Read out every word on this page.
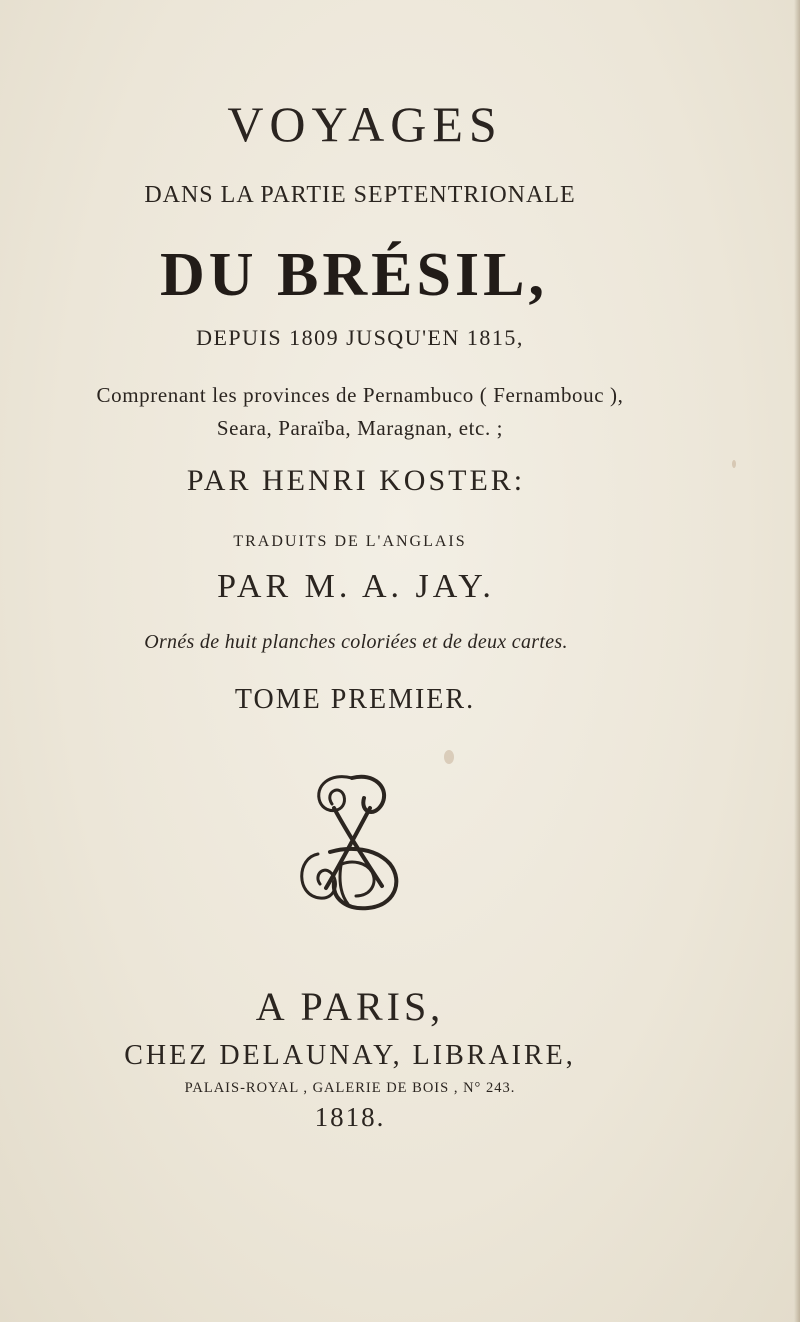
VOYAGES
DANS LA PARTIE SEPTENTRIONALE
DU BRÉSIL,
DEPUIS 1809 JUSQU'EN 1815,
Comprenant les provinces de Pernambuco ( Fernambouc ),
Seara, Paraïba, Maragnan, etc. ;
PAR HENRI KOSTER:
TRADUITS DE L'ANGLAIS
PAR M. A. JAY.
Ornés de huit planches coloriées et de deux cartes.
TOME PREMIER.
A PARIS,
CHEZ DELAUNAY, LIBRAIRE,
PALAIS-ROYAL , GALERIE DE BOIS , N° 243.
1818.
